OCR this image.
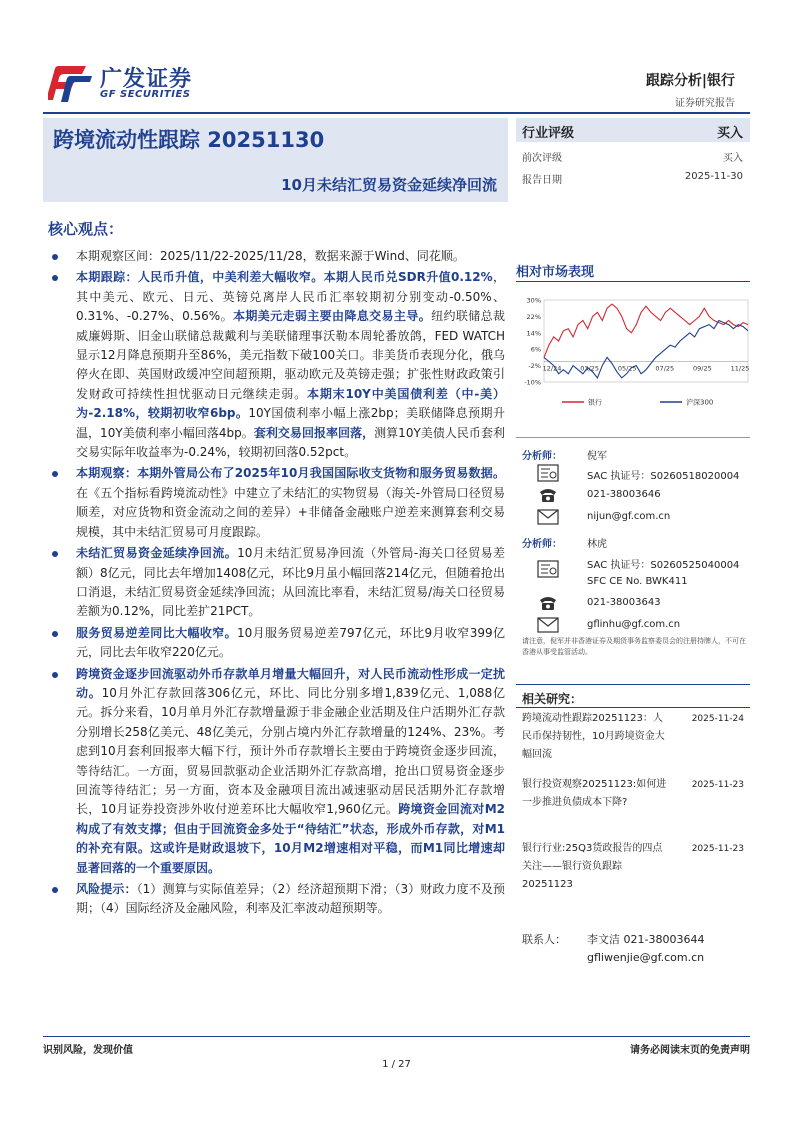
广发证券
GF SECURITIES
跟踪分析|银行
证券研究报告
跨境流动性跟踪 20251130
10月未结汇贸易资金延续净回流
行业评级	买入
前次评级	买入
报告日期	2025-11-30
核心观点：
本期观察区间：2025/11/22-2025/11/28，数据来源于Wind、同花顺。
本期跟踪：人民币升值，中美利差大幅收窄。本期人民币兑SDR升值0.12%，其中美元、欧元、日元、英镑兑离岸人民币汇率较期初分别变动-0.50%、0.31%、-0.27%、0.56%。本期美元走弱主要由降息交易主导。纽约联储总裁威廉姆斯、旧金山联储总裁戴利与美联储理事沃勒本周轮番放鸽，FED WATCH显示12月降息预期升至86%，美元指数下破100关口。非美货币表现分化，俄乌停火在即、英国财政缓冲空间超预期，驱动欧元及英镑走强；扩张性财政政策引发财政可持续性担忧驱动日元继续走弱。本期末10Y中美国债利差（中-美）为-2.18%，较期初收窄6bp。10Y国债利率小幅上涨2bp；美联储降息预期升温，10Y美债利率小幅回落4bp。套利交易回报率回落，测算10Y美债人民币套利交易实际年收益率为-0.24%，较期初回落0.52pct。
本期观察：本期外管局公布了2025年10月我国国际收支货物和服务贸易数据。在《五个指标看跨境流动性》中建立了未结汇的实物贸易（海关-外管局口径贸易顺差，对应货物和资金流动之间的差异）+非储备金融账户逆差来测算套利交易规模，其中未结汇贸易可月度跟踪。
未结汇贸易资金延续净回流。10月未结汇贸易净回流（外管局-海关口径贸易差额）8亿元，同比去年增加1408亿元，环比9月虽小幅回落214亿元，但随着抢出口消退，未结汇贸易资金延续净回流；从回流比率看，未结汇贸易/海关口径贸易差额为0.12%，同比差扩21PCT。
服务贸易逆差同比大幅收窄。10月服务贸易逆差797亿元，环比9月收窄399亿元，同比去年收窄220亿元。
跨境资金逐步回流驱动外币存款单月增量大幅回升，对人民币流动性形成一定扰动。10月外汇存款回落306亿元，环比、同比分别多增1,839亿元、1,088亿元。拆分来看，10月单月外汇存款增量源于非金融企业活期及住户活期外汇存款分别增长258亿美元、48亿美元，分别占境内外汇存款增量的124%、23%。考虑到10月套利回报率大幅下行，预计外币存款增长主要由于跨境资金逐步回流，等待结汇。一方面，贸易回款驱动企业活期外汇存款高增，抢出口贸易资金逐步回流等待结汇；另一方面，资本及金融项目流出减速驱动居民活期外汇存款增长，10月证券投资涉外收付逆差环比大幅收窄1,960亿元。跨境资金回流对M2构成了有效支撑；但由于回流资金多处于“待结汇”状态，形成外币存款，对M1的补充有限。这或许是财政退坡下，10月M2增速相对平稳，而M1同比增速却显著回落的一个重要原因。
风险提示：（1）测算与实际值差异；（2）经济超预期下滑；（3）财政力度不及预期；（4）国际经济及金融风险，利率及汇率波动超预期等。
相对市场表现
30%
22%
14%
6%
-2%
-10%
12/24	03/25	05/25	07/25	09/25	11/25
银行	沪深300
分析师：	倪军
SAC 执证号：S0260518020004
021-38003646
nijun@gf.com.cn
分析师：	林虎
SAC 执证号：S0260525040004
SFC CE No. BWK411
021-38003643
gflinhu@gf.com.cn
请注意，倪军并非香港证券及期货事务监察委员会的注册持牌人，不可在香港从事受监管活动。
相关研究：
跨境流动性跟踪20251123：人民币保持韧性，10月跨境资金大幅回流
2025-11-24
银行投资观察20251123:如何进一步推进负债成本下降?
2025-11-23
银行行业:25Q3货政报告的四点关注——银行资负跟踪20251123
2025-11-23
联系人： 李文洁 021-38003644
gfliwenjie@gf.com.cn
识别风险，发现价值	请务必阅读末页的免责声明
1 / 27
